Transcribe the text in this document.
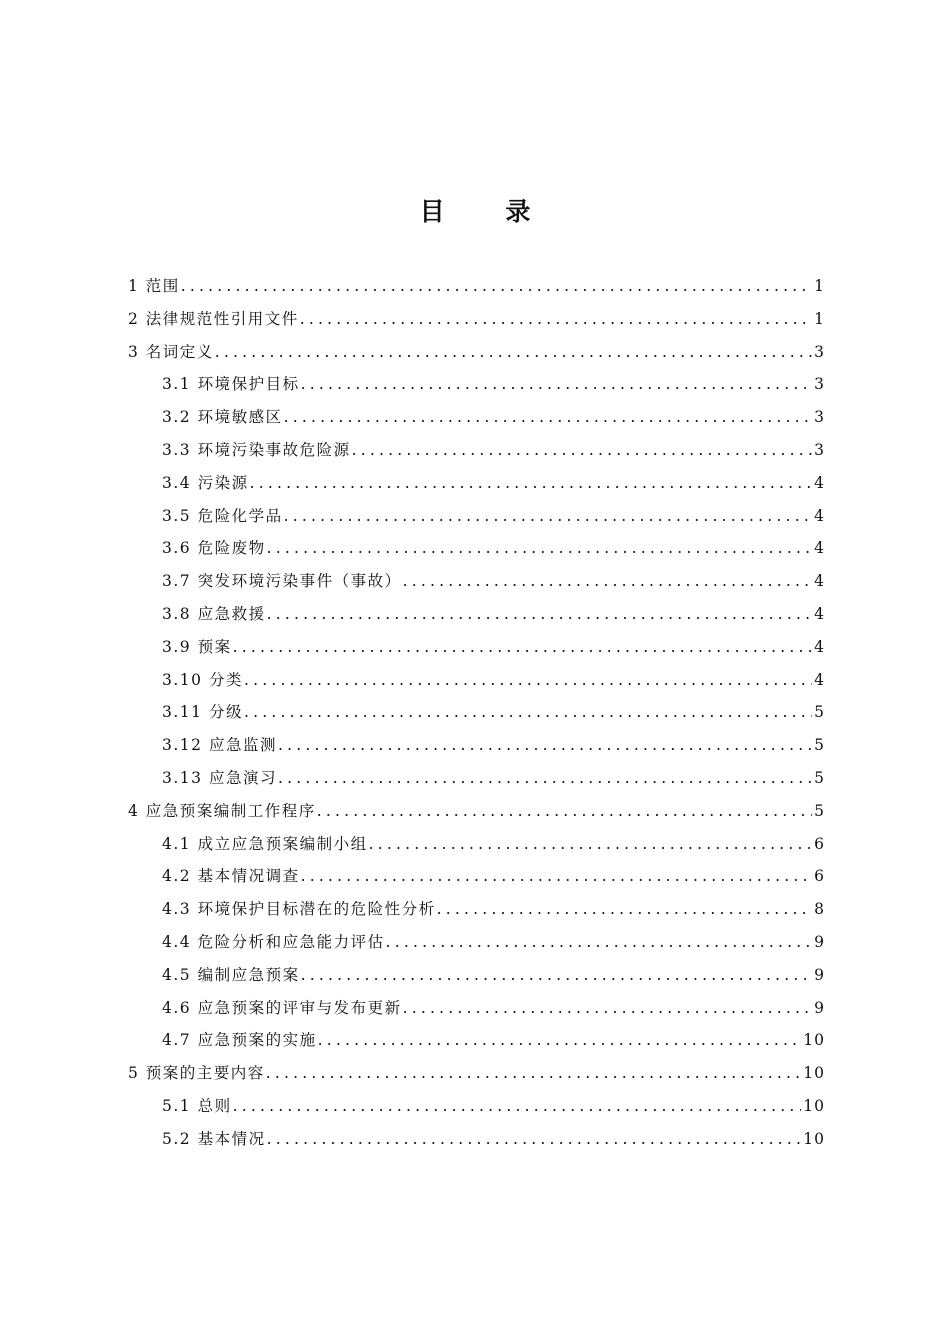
目 录
1 范围 .....	1
2 法律规范性引用文件 .....	1
3 名词定义 .....	3
3.1 环境保护目标 .....	3
3.2 环境敏感区 .....	3
3.3 环境污染事故危险源 .....	3
3.4 污染源 .....	4
3.5 危险化学品 .....	4
3.6 危险废物 .....	4
3.7 突发环境污染事件（事故） .....	4
3.8 应急救援 .....	4
3.9 预案 .....	4
3.10 分类 .....	4
3.11 分级 .....	5
3.12 应急监测 .....	5
3.13 应急演习 .....	5
4 应急预案编制工作程序 .....	5
4.1 成立应急预案编制小组 .....	6
4.2 基本情况调查 .....	6
4.3 环境保护目标潜在的危险性分析 .....	8
4.4 危险分析和应急能力评估 .....	9
4.5 编制应急预案 .....	9
4.6 应急预案的评审与发布更新 .....	9
4.7 应急预案的实施 .....	10
5 预案的主要内容 .....	10
5.1 总则 .....	10
5.2 基本情况 .....	10
